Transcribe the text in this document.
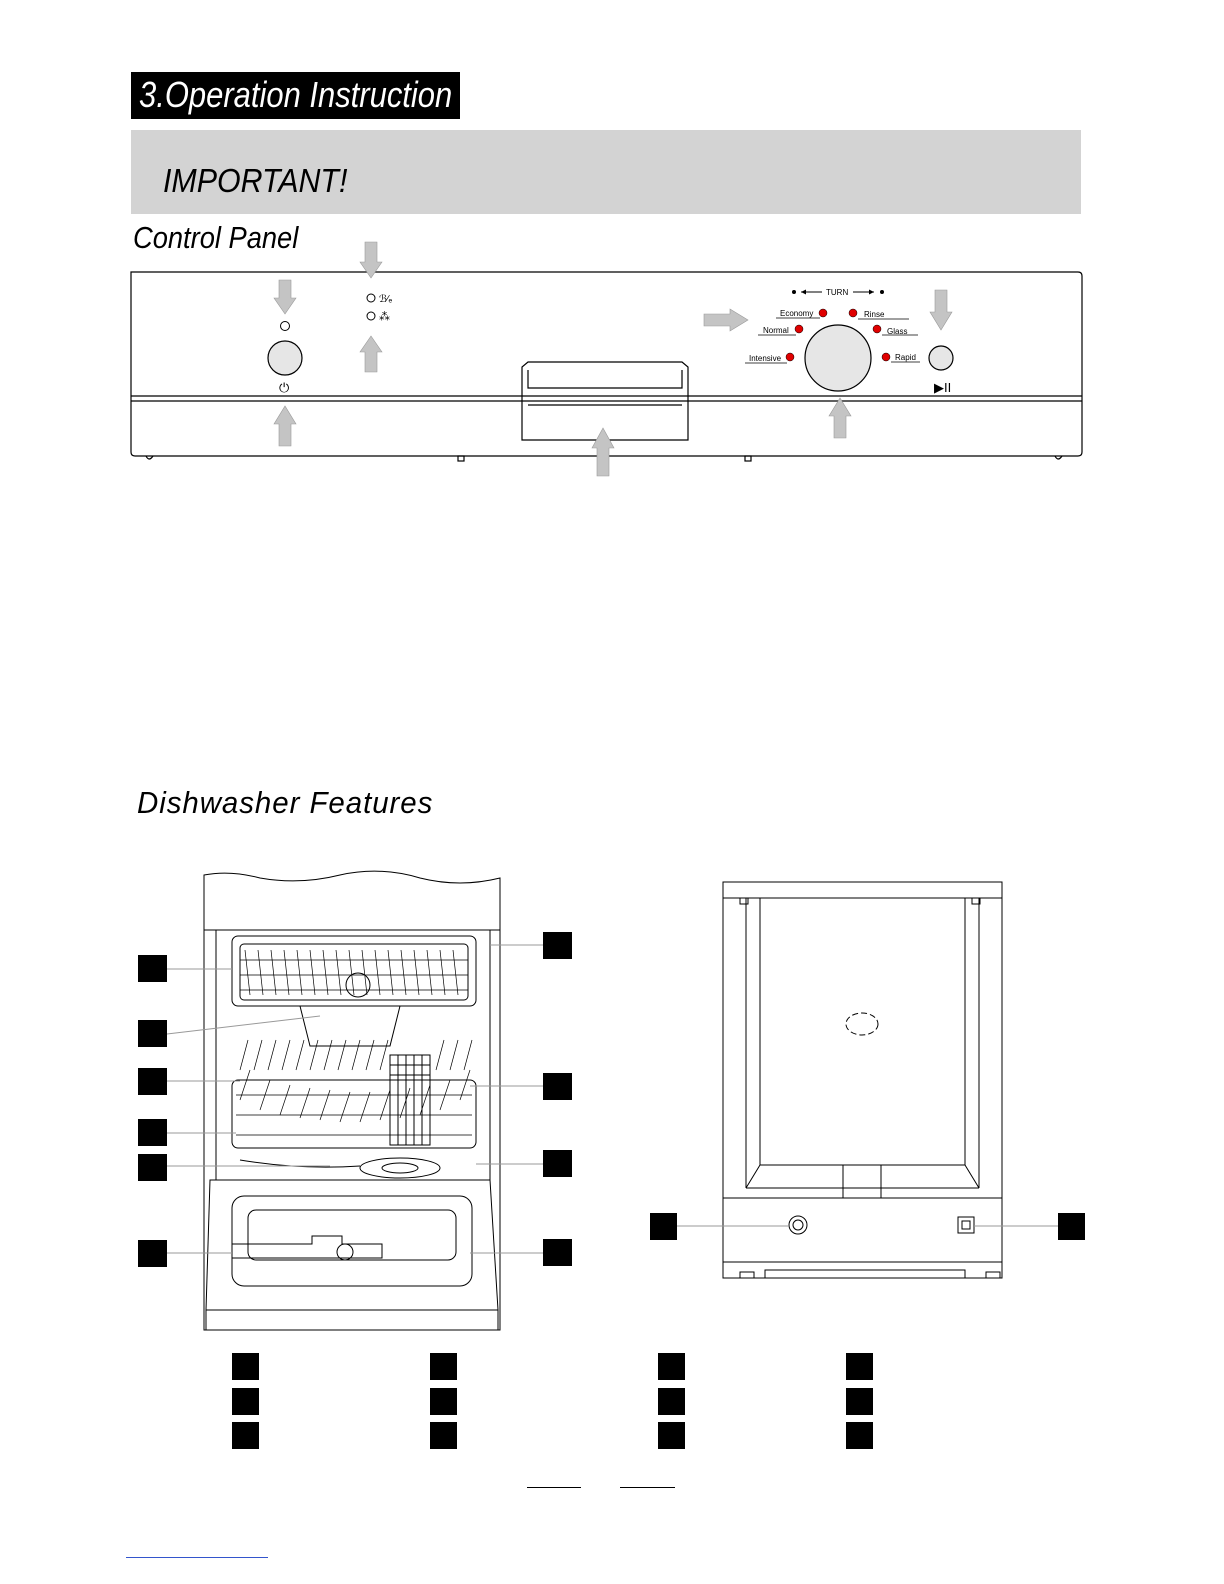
3.Operation Instruction
IMPORTANT!
Control Panel
⏻
ℬ∕ₑ
⁂
TURN
Economy
Normal
Intensive
Rinse
Glass
Rapid
▶II
Dishwasher Features
